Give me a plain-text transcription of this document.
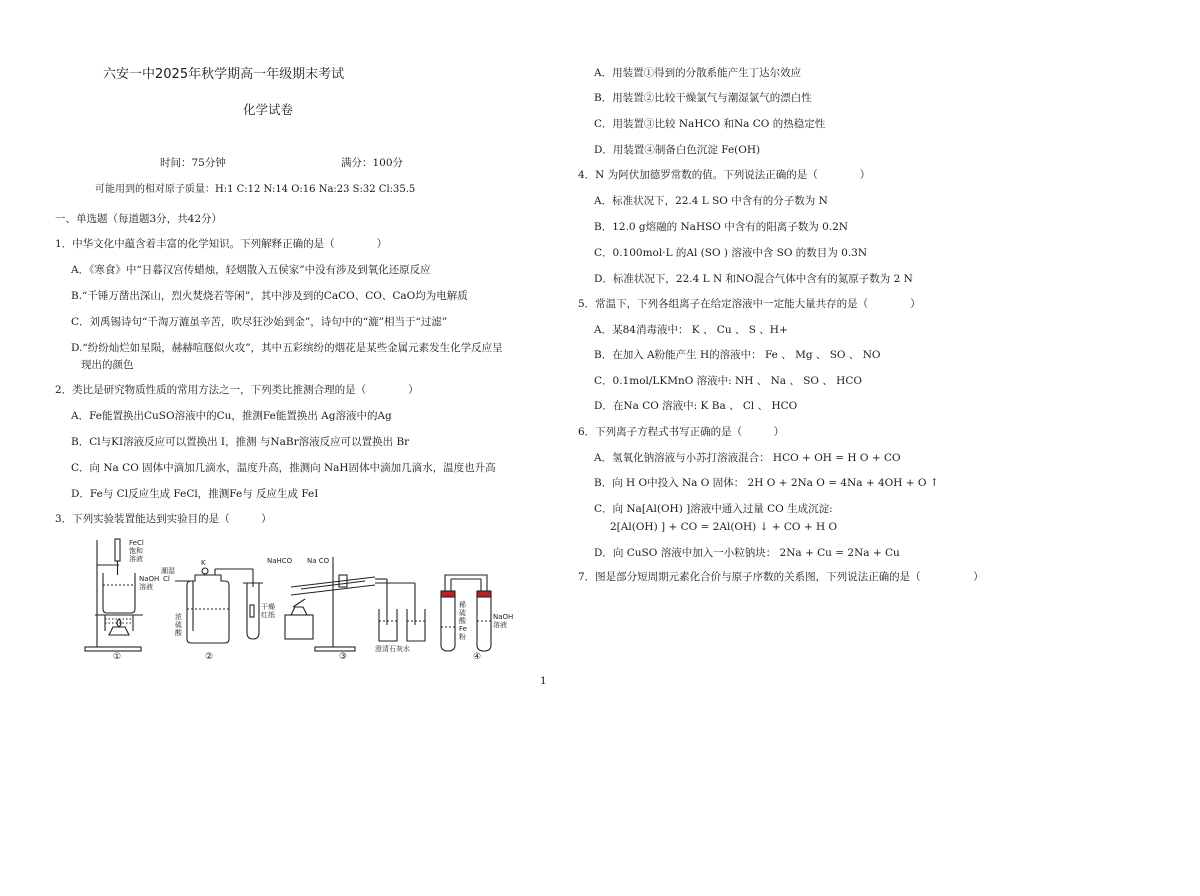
六安一中2025年秋学期高一年级期末考试
化学试卷
时间：75分钟	满分：100分
可能用到的相对原子质量：H:1 C:12 N:14 O:16 Na:23 S:32 Cl:35.5
一、单选题（每道题3分，共42分）
1．中华文化中蕴含着丰富的化学知识。下列解释正确的是（　　　　）
A．《寒食》中“日暮汉宫传蜡烛，轻烟散入五侯家”中没有涉及到氧化还原反应
B.“千锤万凿出深山，烈火焚烧若等闲”，其中涉及到的CaCO、CO、CaO均为电解质
C．刘禹锡诗句“千淘万漉虽辛苦，吹尽狂沙始到金”，诗句中的“漉”相当于“过滤”
D.“纷纷灿烂如星陨，赫赫喧豗似火攻”，其中五彩缤纷的烟花是某些金属元素发生化学反应呈
现出的颜色
2．类比是研究物质性质的常用方法之一，下列类比推测合理的是（　　　　）
A．Fe能置换出CuSO溶液中的Cu，推测Fe能置换出 Ag溶液中的Ag
B．Cl与KI溶液反应可以置换出 I，推测 与NaBr溶液反应可以置换出 Br
C．向 Na CO 固体中滴加几滴水，温度升高，推测向 NaH固体中滴加几滴水，温度也升高
D．Fe与 Cl反应生成 FeCl，推测Fe与 反应生成 FeI
3．下列实验装置能达到实验目的是（　　　）
FeCl
饱和
溶液
NaOH
溶液
①
潮湿
Cl
K
浓
硫
酸
干燥
红纸
②
NaHCO Na CO
澄清石灰水
③
稀
硫
酸
Fe
粉
NaOH
溶液
④
A．用装置①得到的分散系能产生丁达尔效应
B．用装置②比较干燥氯气与潮湿氯气的漂白性
C．用装置③比较 NaHCO 和Na CO 的热稳定性
D．用装置④制备白色沉淀 Fe(OH)
4．N 为阿伏加德罗常数的值。下列说法正确的是（　　　　）
A．标准状况下，22.4 L SO 中含有的分子数为 N
B．12.0 g熔融的 NaHSO 中含有的阳离子数为 0.2N
C．0.100mol·L 的Al (SO ) 溶液中含 SO 的数目为 0.3N
D．标准状况下，22.4 L N 和NO混合气体中含有的氮原子数为 2 N
5．常温下，下列各组离子在给定溶液中一定能大量共存的是（　　　　）
A．某84消毒液中： K 、 Cu 、 S 、H+
B．在加入 A粉能产生 H的溶液中： Fe 、 Mg 、 SO 、 NO
C．0.1mol/LKMnO 溶液中: NH 、 Na 、 SO 、 HCO
D．在Na CO 溶液中: K Ba 、 Cl 、 HCO
6．下列离子方程式书写正确的是（　　　）
A．氢氧化钠溶液与小苏打溶液混合： HCO + OH = H O + CO
B．向 H O中投入 Na O 固体： 2H O + 2Na O = 4Na + 4OH + O ↑
C．向 Na[Al(OH) ]溶液中通入过量 CO 生成沉淀:
2[Al(OH) ] + CO = 2Al(OH) ↓ + CO + H O
D．向 CuSO 溶液中加入一小粒钠块： 2Na + Cu = 2Na + Cu
7．图是部分短周期元素化合价与原子序数的关系图，下列说法正确的是（　　　　　）
1
